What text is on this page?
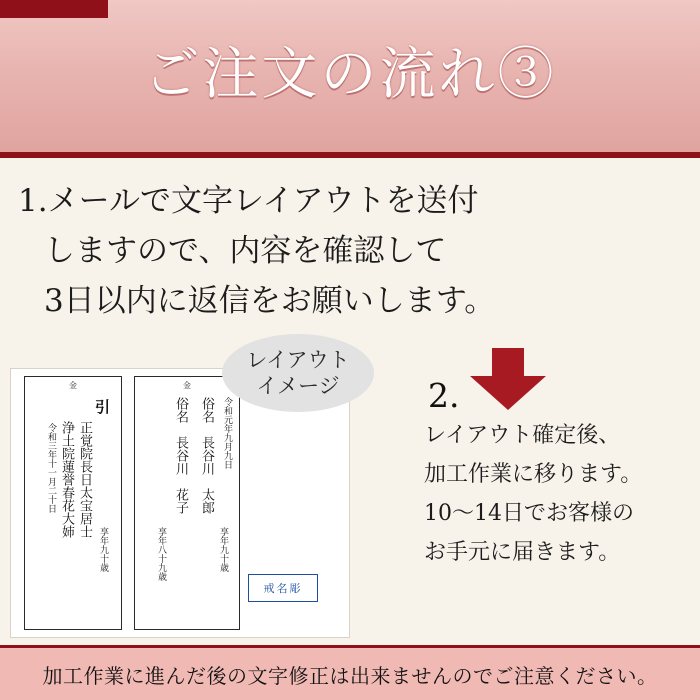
ご注文の流れ③
1.メールで文字レイアウトを送付
しますので、内容を確認して
3日以内に返信をお願いします。
金
引
正覚院長日太宝居士
浄土院蓮誉春花大姉
令和三年十一月二十日
享年九十歳
金
令和元年九月九日
俗名　長谷川　太郎
俗名　長谷川　花子
享年九十歳
享年八十九歳
戒名彫
レイアウト
イメージ	2.
レイアウト確定後、
加工作業に移ります。
10〜14日でお客様の
お手元に届きます。
加工作業に進んだ後の文字修正は出来ませんのでご注意ください。
